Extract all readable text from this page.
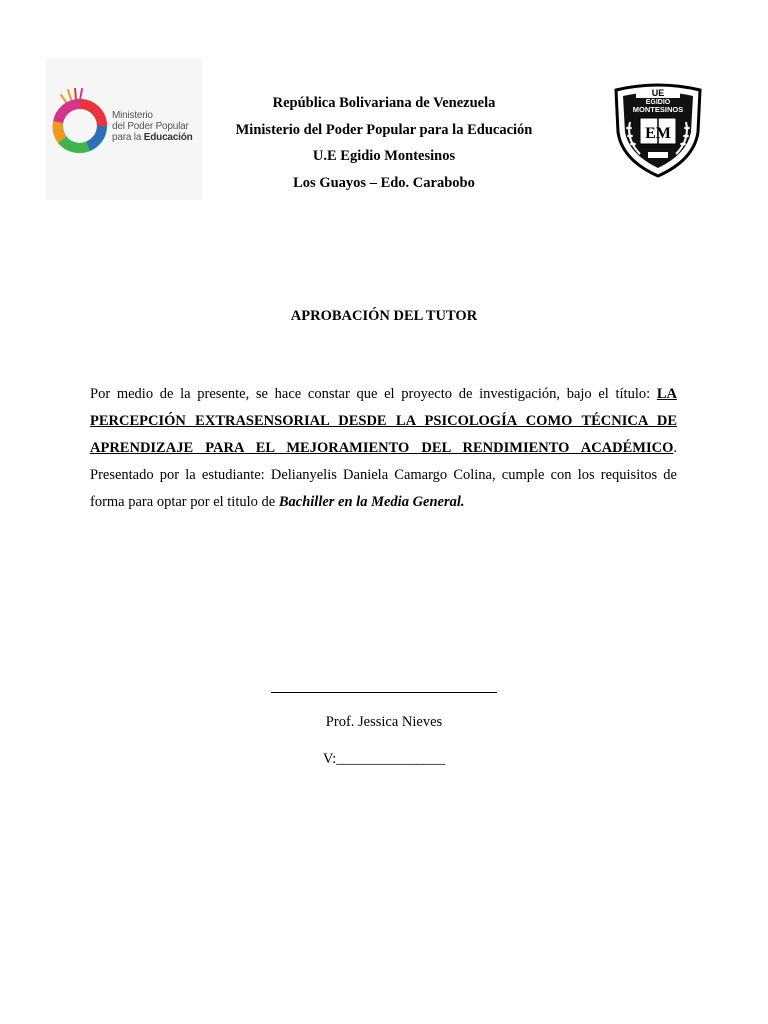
Ministerio
del Poder Popular
para la Educación
República Bolivariana de Venezuela
Ministerio del Poder Popular para la Educación
U.E Egidio Montesinos
Los Guayos – Edo. Carabobo
UE
EGIDIO
MONTESINOS
EM
APROBACIÓN DEL TUTOR
Por medio de la presente, se hace constar que el proyecto de investigación, bajo el título: LA PERCEPCIÓN EXTRASENSORIAL DESDE LA PSICOLOGÍA COMO TÉCNICA DE APRENDIZAJE PARA EL MEJORAMIENTO DEL RENDIMIENTO ACADÉMICO. Presentado por la estudiante: Delianyelis Daniela Camargo Colina, cumple con los requisitos de forma para optar por el titulo de Bachiller en la Media General.
Prof. Jessica Nieves
V:_______________
